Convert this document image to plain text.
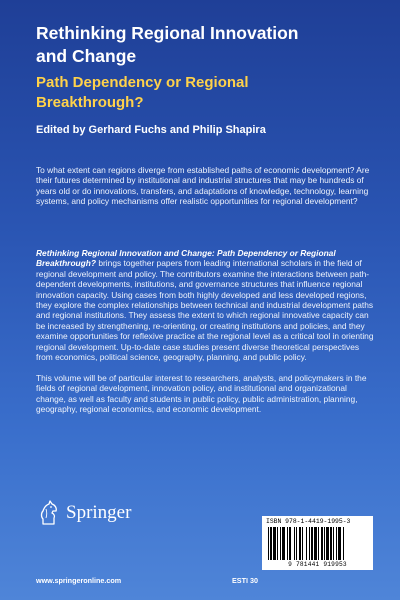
Rethinking Regional Innovation
and Change
Path Dependency or Regional
Breakthrough?

Edited by Gerhard Fuchs and Philip Shapira

To what extent can regions diverge from established paths of economic development? Are their futures determined by institutional and industrial structures that may be hundreds of years old or do innovations, transfers, and adaptations of knowledge, technology, learning systems, and policy mechanisms offer realistic opportunities for regional development?

Rethinking Regional Innovation and Change: Path Dependency or Regional Breakthrough? brings together papers from leading international scholars in the field of regional development and policy. The contributors examine the interactions between path-dependent developments, institutions, and governance structures that influence regional innovation capacity. Using cases from both highly developed and less developed regions, they explore the complex relationships between technical and industrial development paths and regional institutions. They assess the extent to which regional innovative capacity can be increased by strengthening, re-orienting, or creating institutions and policies, and they examine opportunities for reflexive practice at the regional level as a critical tool in orienting regional development. Up-to-date case studies present diverse theoretical perspectives from economics, political science, geography, planning, and public policy.

This volume will be of particular interest to researchers, analysts, and policymakers in the fields of regional development, innovation policy, and institutional and organizational change, as well as faculty and students in public policy, public administration, planning, geography, regional economics, and economic development.

Springer	ISBN 978-1-4419-1995-3
9 781441 919953
www.springeronline.com	ESTI 30
